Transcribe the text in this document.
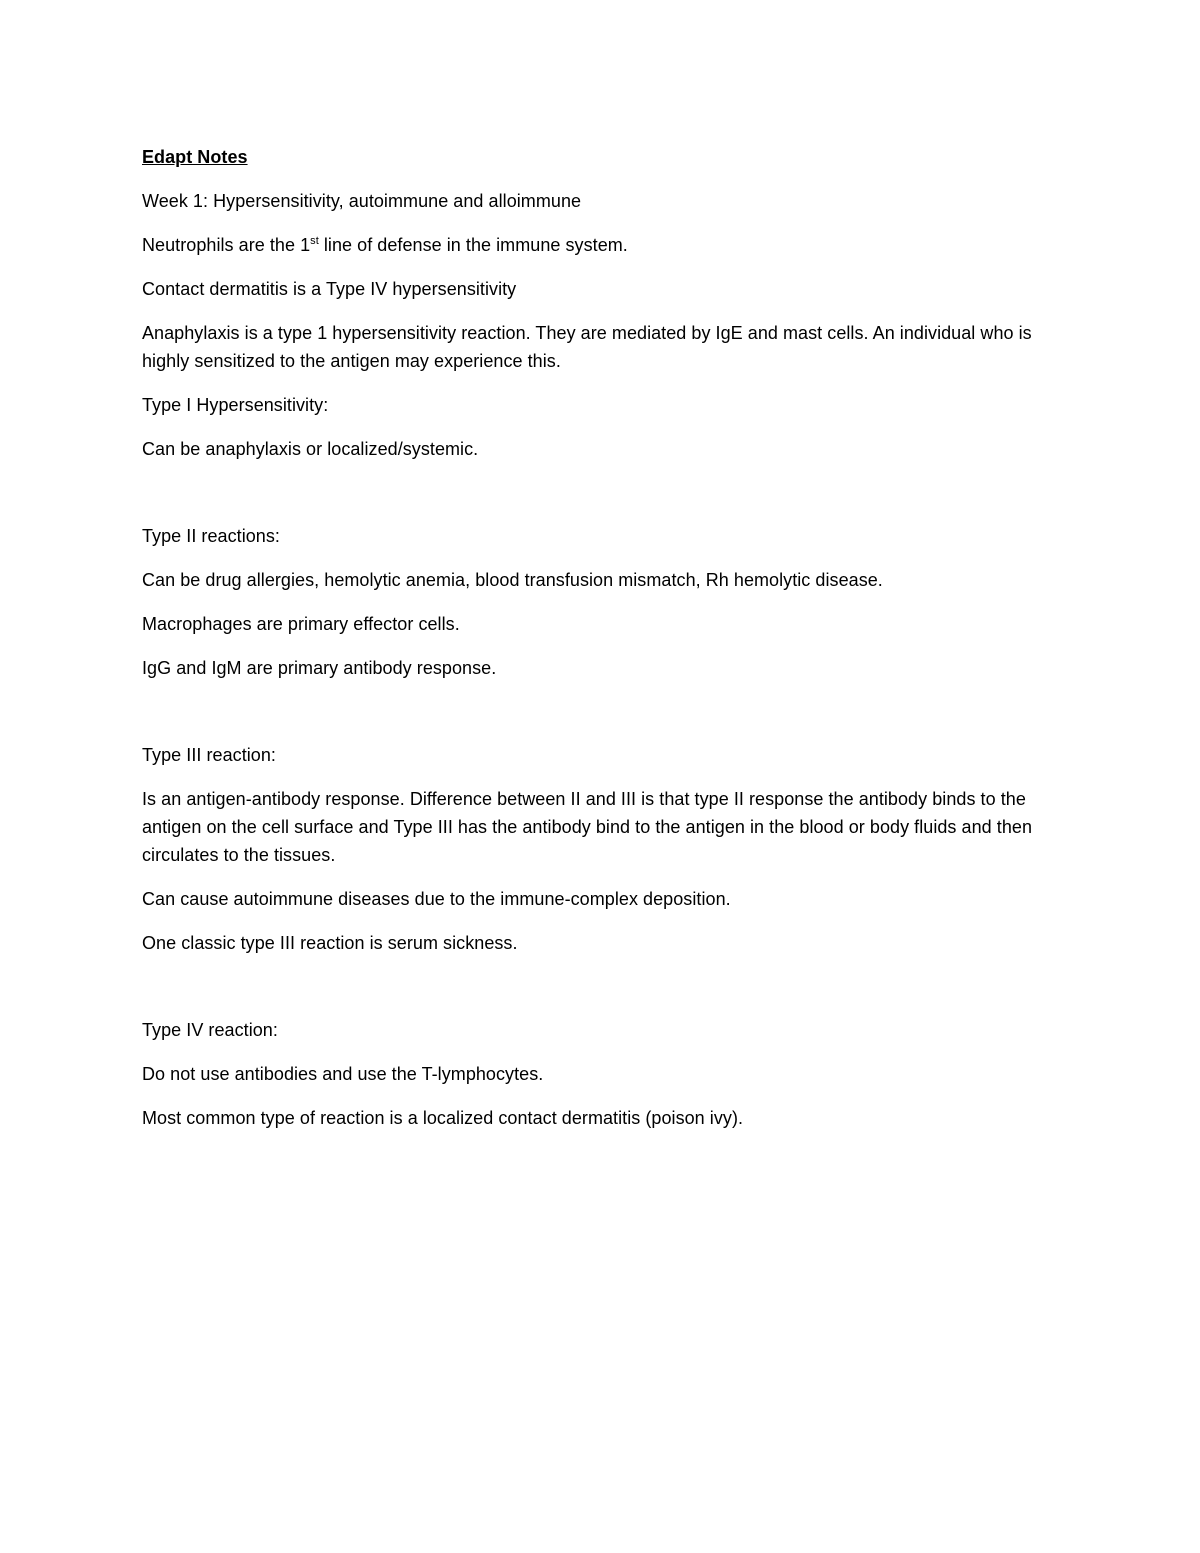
Edapt Notes

Week 1: Hypersensitivity, autoimmune and alloimmune

Neutrophils are the 1st line of defense in the immune system.

Contact dermatitis is a Type IV hypersensitivity

Anaphylaxis is a type 1 hypersensitivity reaction. They are mediated by IgE and mast cells. An individual who is highly sensitized to the antigen may experience this.

Type I Hypersensitivity:

Can be anaphylaxis or localized/systemic.

Type II reactions:

Can be drug allergies, hemolytic anemia, blood transfusion mismatch, Rh hemolytic disease.

Macrophages are primary effector cells.

IgG and IgM are primary antibody response.

Type III reaction:

Is an antigen-antibody response. Difference between II and III is that type II response the antibody binds to the antigen on the cell surface and Type III has the antibody bind to the antigen in the blood or body fluids and then circulates to the tissues.

Can cause autoimmune diseases due to the immune-complex deposition.

One classic type III reaction is serum sickness.

Type IV reaction:

Do not use antibodies and use the T-lymphocytes.

Most common type of reaction is a localized contact dermatitis (poison ivy).
